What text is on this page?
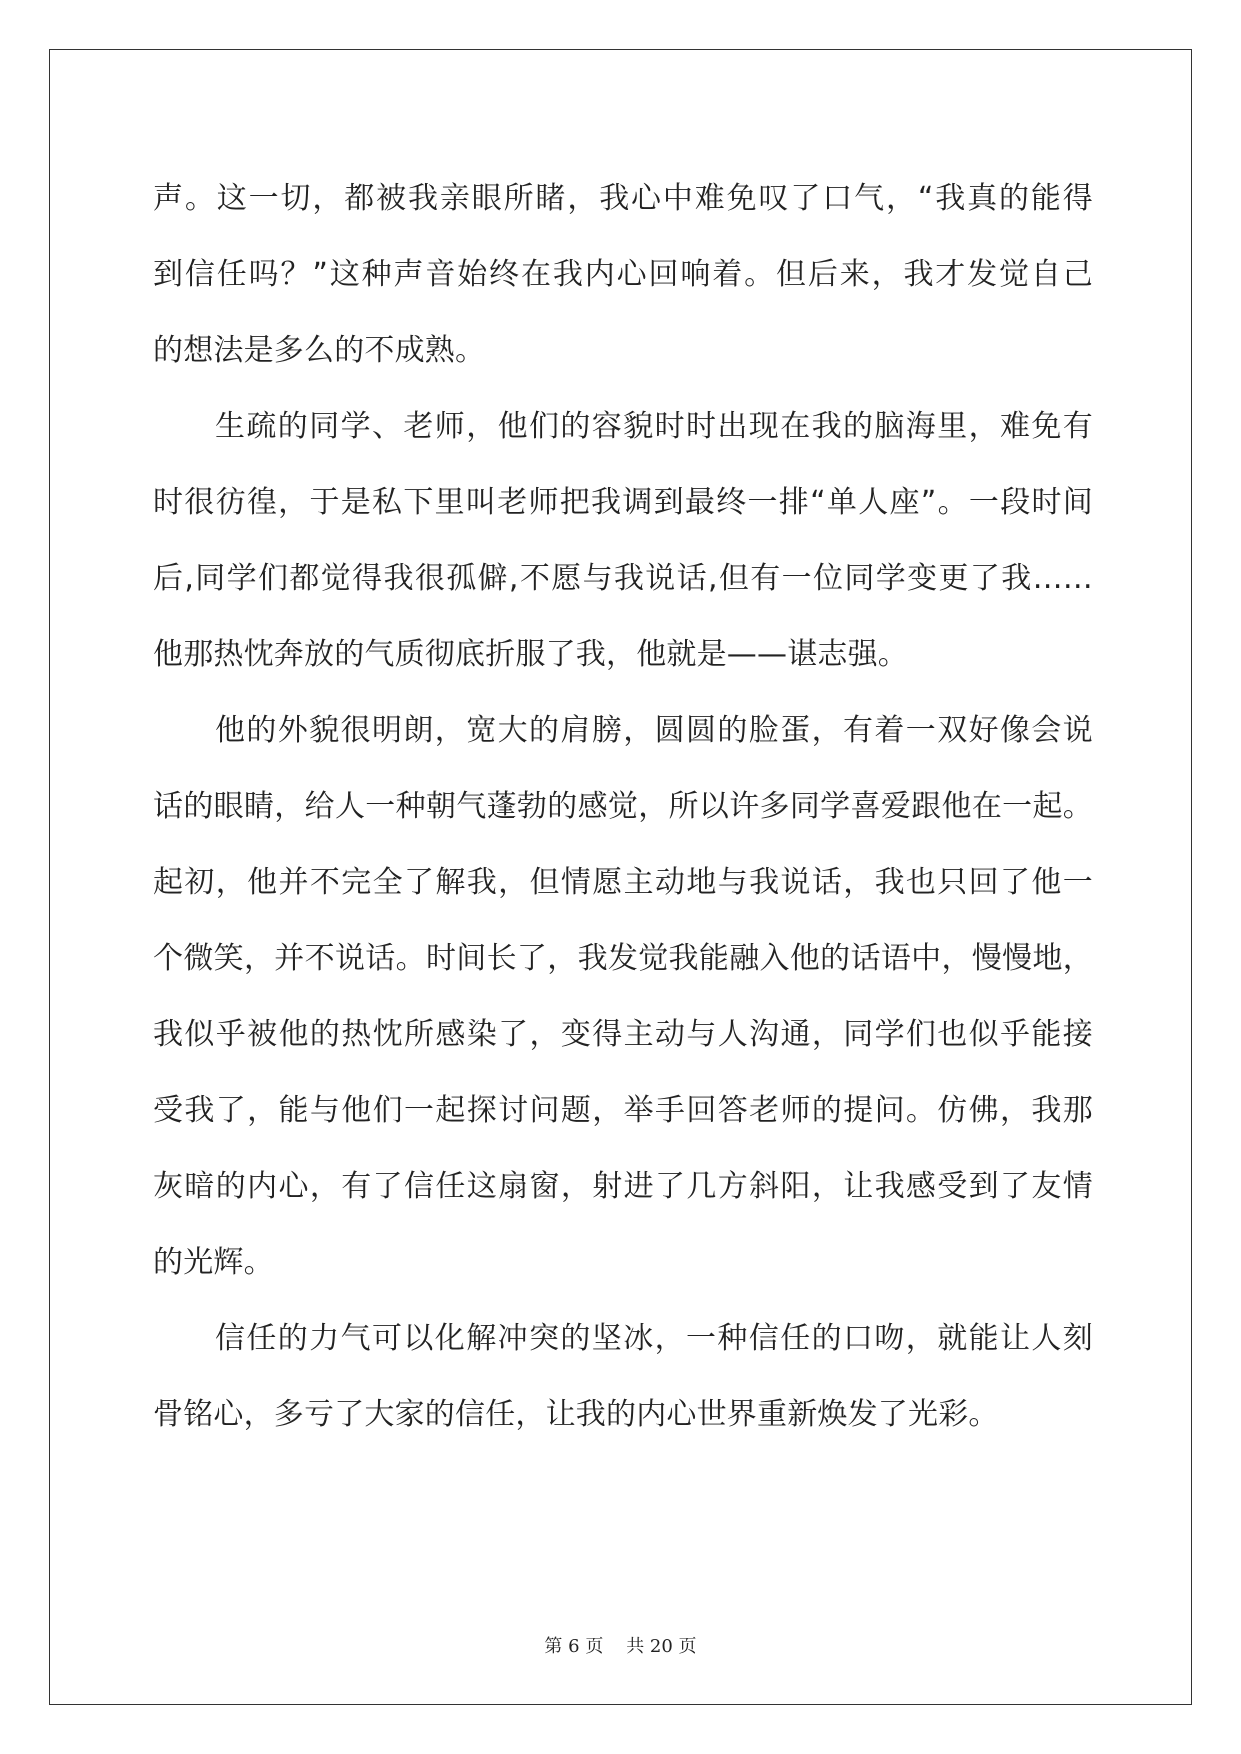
声。这一切，都被我亲眼所睹，我心中难免叹了口气，“我真的能得
到信任吗？”这种声音始终在我内心回响着。但后来，我才发觉自己
的想法是多么的不成熟。
生疏的同学、老师，他们的容貌时时出现在我的脑海里，难免有
时很彷徨，于是私下里叫老师把我调到最终一排“单人座”。一段时间
后,同学们都觉得我很孤僻,不愿与我说话,但有一位同学变更了我……
他那热忱奔放的气质彻底折服了我，他就是——谌志强。
他的外貌很明朗，宽大的肩膀，圆圆的脸蛋，有着一双好像会说
话的眼睛，给人一种朝气蓬勃的感觉，所以许多同学喜爱跟他在一起。
起初，他并不完全了解我，但情愿主动地与我说话，我也只回了他一
个微笑，并不说话。时间长了，我发觉我能融入他的话语中，慢慢地，
我似乎被他的热忱所感染了，变得主动与人沟通，同学们也似乎能接
受我了，能与他们一起探讨问题，举手回答老师的提问。仿佛，我那
灰暗的内心，有了信任这扇窗，射进了几方斜阳，让我感受到了友情
的光辉。
信任的力气可以化解冲突的坚冰，一种信任的口吻，就能让人刻
骨铭心，多亏了大家的信任，让我的内心世界重新焕发了光彩。
第 6 页    共 20 页
